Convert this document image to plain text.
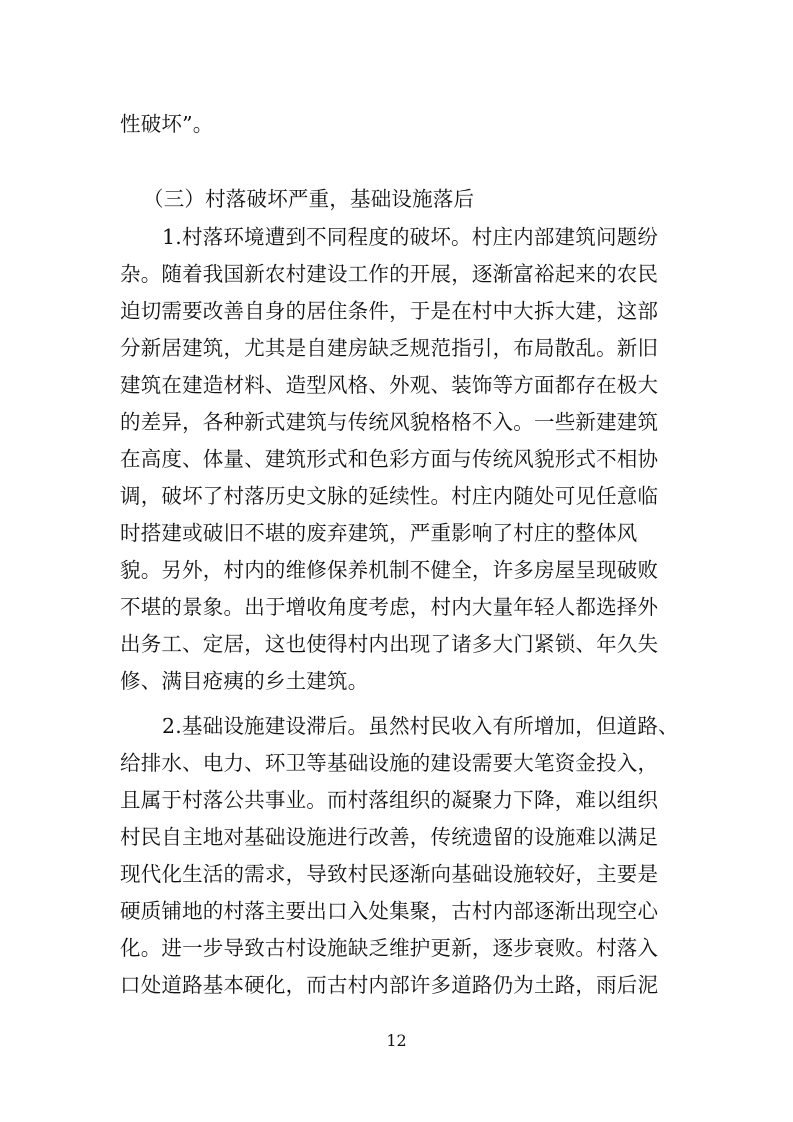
性破坏”。
（三）村落破坏严重，基础设施落后
1.村落环境遭到不同程度的破坏。村庄内部建筑问题纷
杂。随着我国新农村建设工作的开展，逐渐富裕起来的农民
迫切需要改善自身的居住条件，于是在村中大拆大建，这部
分新居建筑，尤其是自建房缺乏规范指引，布局散乱。新旧
建筑在建造材料、造型风格、外观、装饰等方面都存在极大
的差异，各种新式建筑与传统风貌格格不入。一些新建建筑
在高度、体量、建筑形式和色彩方面与传统风貌形式不相协
调，破坏了村落历史文脉的延续性。村庄内随处可见任意临
时搭建或破旧不堪的废弃建筑，严重影响了村庄的整体风
貌。另外，村内的维修保养机制不健全，许多房屋呈现破败
不堪的景象。出于增收角度考虑，村内大量年轻人都选择外
出务工、定居，这也使得村内出现了诸多大门紧锁、年久失
修、满目疮痍的乡土建筑。
2.基础设施建设滞后。虽然村民收入有所增加，但道路、
给排水、电力、环卫等基础设施的建设需要大笔资金投入，
且属于村落公共事业。而村落组织的凝聚力下降，难以组织
村民自主地对基础设施进行改善，传统遗留的设施难以满足
现代化生活的需求，导致村民逐渐向基础设施较好，主要是
硬质铺地的村落主要出口入处集聚，古村内部逐渐出现空心
化。进一步导致古村设施缺乏维护更新，逐步衰败。村落入
口处道路基本硬化，而古村内部许多道路仍为土路，雨后泥
12
